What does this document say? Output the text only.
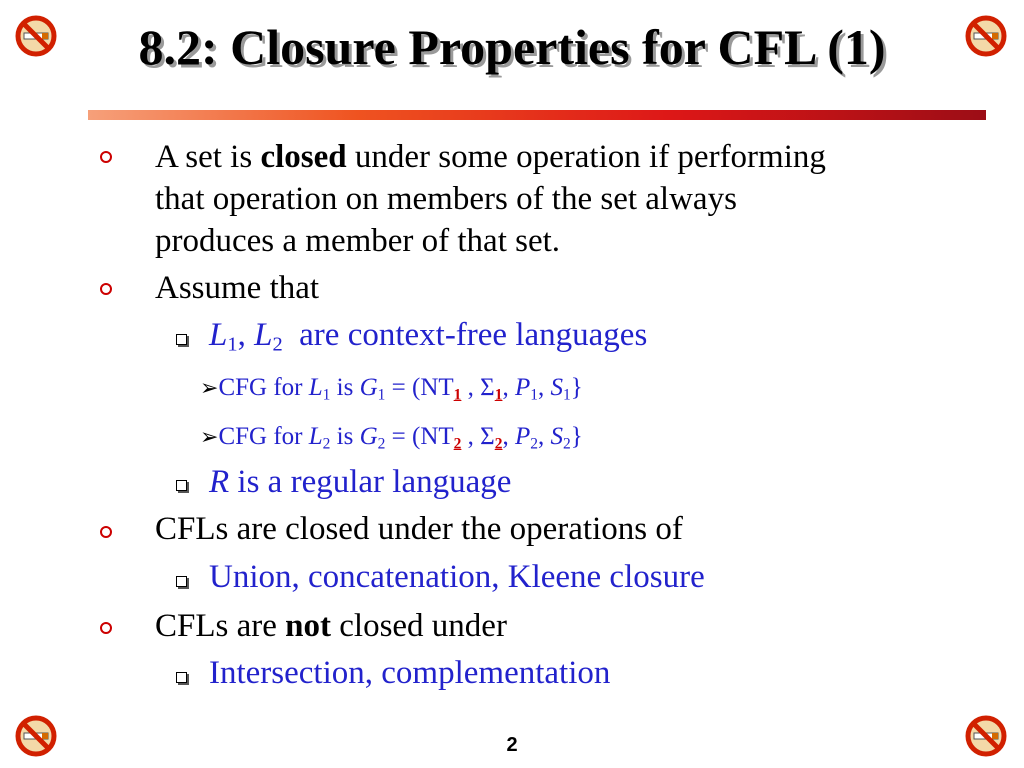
8.2: Closure Properties for CFL (1)
A set is closed under some operation if performing
that operation on members of the set always
produces a member of that set.
Assume that
$L_1$, $L_2$  are context-free languages
➢CFG for $L_1$ is $G_1 = (NT1$ , Σ1, $P_1$, $S_1$}
➢CFG for $L_2$ is $G_2 = (NT2$ , Σ2, $P_2$, $S_2$}
R is a regular language
CFLs are closed under the operations of
Union, concatenation, Kleene closure
CFLs are not closed under
Intersection, complementation
2
